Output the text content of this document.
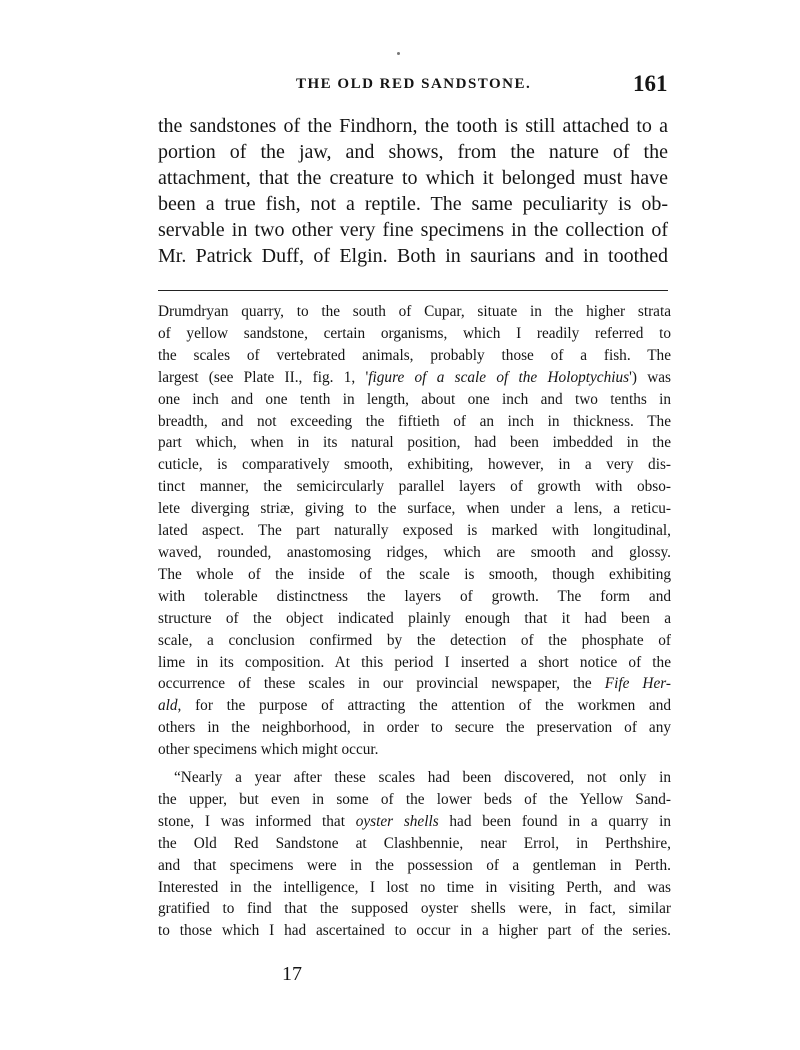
THE OLD RED SANDSTONE.	161
the sandstones of the Findhorn, the tooth is still attached to a
portion of the jaw, and shows, from the nature of the
attachment, that the creature to which it belonged must have
been a true fish, not a reptile. The same peculiarity is ob-
servable in two other very fine specimens in the collection of
Mr. Patrick Duff, of Elgin. Both in saurians and in toothed
Drumdryan quarry, to the south of Cupar, situate in the higher strata
of yellow sandstone, certain organisms, which I readily referred to
the scales of vertebrated animals, probably those of a fish. The
largest (see Plate II., fig. 1, 'figure of a scale of the Holoptychius') was
one inch and one tenth in length, about one inch and two tenths in
breadth, and not exceeding the fiftieth of an inch in thickness. The
part which, when in its natural position, had been imbedded in the
cuticle, is comparatively smooth, exhibiting, however, in a very dis-
tinct manner, the semicircularly parallel layers of growth with obso-
lete diverging striæ, giving to the surface, when under a lens, a reticu-
lated aspect. The part naturally exposed is marked with longitudinal,
waved, rounded, anastomosing ridges, which are smooth and glossy.
The whole of the inside of the scale is smooth, though exhibiting
with tolerable distinctness the layers of growth. The form and
structure of the object indicated plainly enough that it had been a
scale, a conclusion confirmed by the detection of the phosphate of
lime in its composition. At this period I inserted a short notice of the
occurrence of these scales in our provincial newspaper, the Fife Her-
ald, for the purpose of attracting the attention of the workmen and
others in the neighborhood, in order to secure the preservation of any
other specimens which might occur.
“Nearly a year after these scales had been discovered, not only in
the upper, but even in some of the lower beds of the Yellow Sand-
stone, I was informed that oyster shells had been found in a quarry in
the Old Red Sandstone at Clashbennie, near Errol, in Perthshire,
and that specimens were in the possession of a gentleman in Perth.
Interested in the intelligence, I lost no time in visiting Perth, and was
gratified to find that the supposed oyster shells were, in fact, similar
to those which I had ascertained to occur in a higher part of the series.
17
